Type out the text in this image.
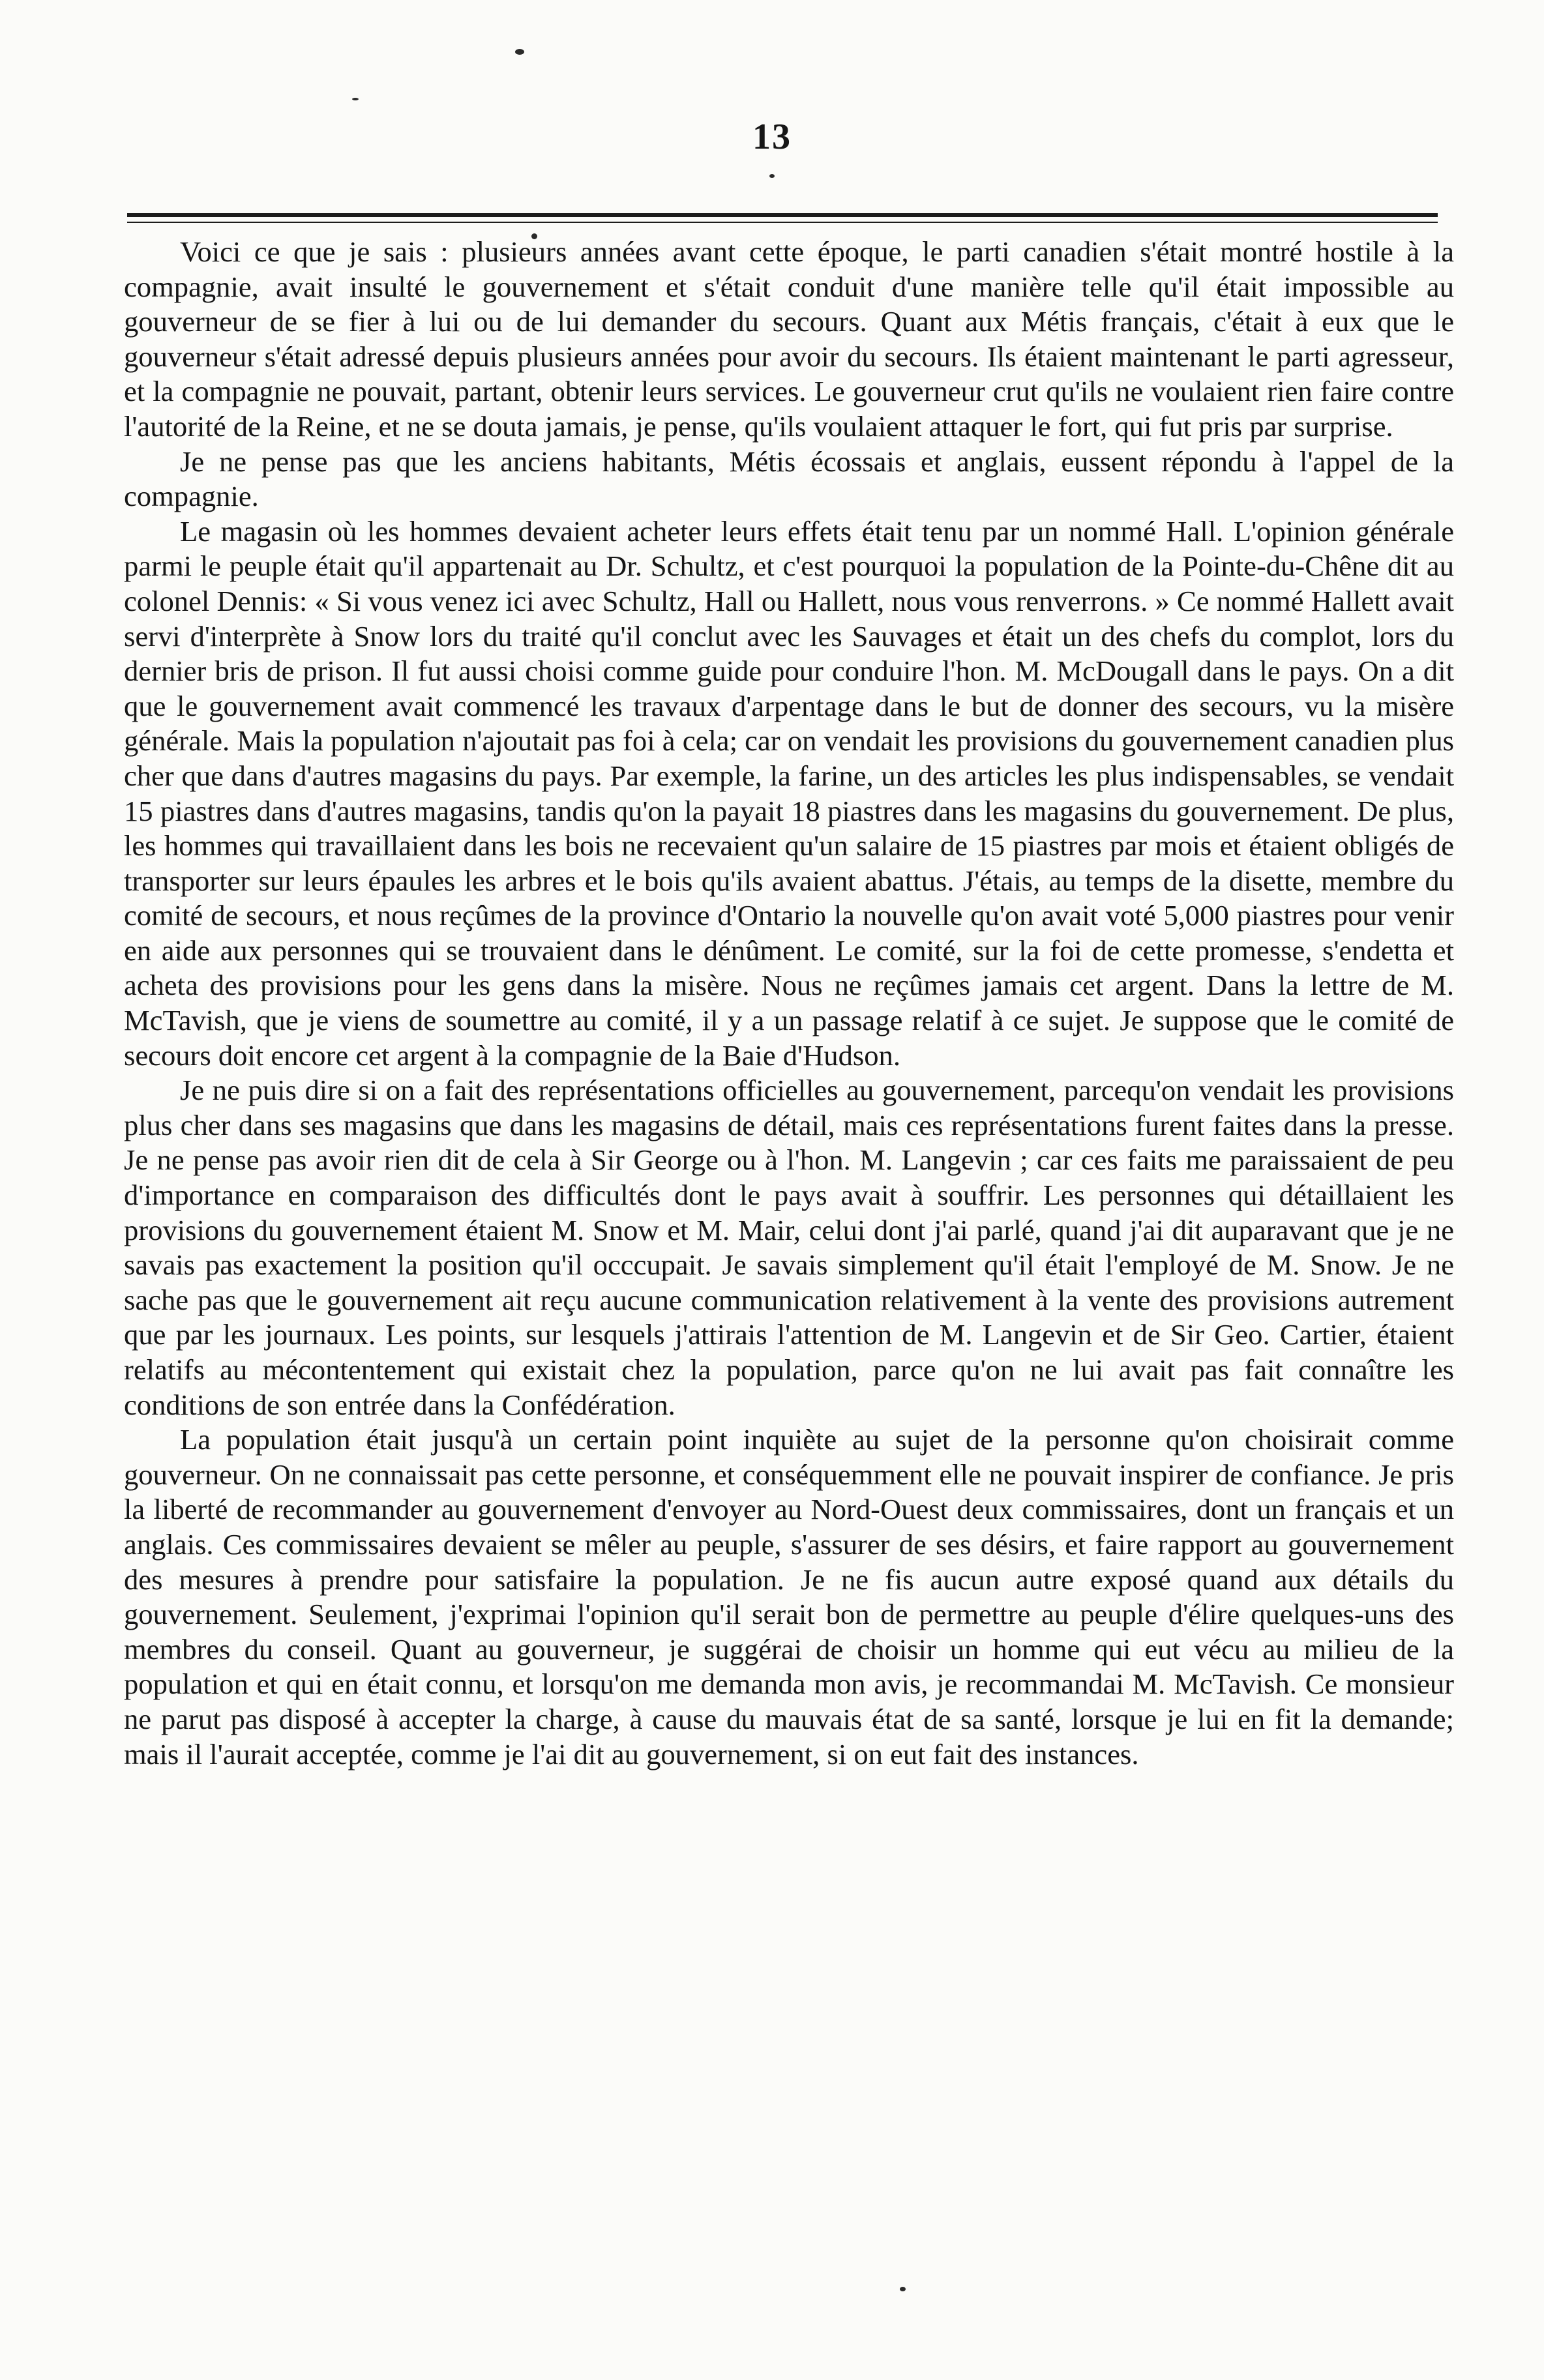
13

Voici ce que je sais : plusieurs années avant cette époque, le parti canadien s'était montré hostile à la compagnie, avait insulté le gouvernement et s'était conduit d'une manière telle qu'il était impossible au gouverneur de se fier à lui ou de lui demander du secours. Quant aux Métis français, c'était à eux que le gouverneur s'était adressé depuis plusieurs années pour avoir du secours. Ils étaient maintenant le parti agresseur, et la compagnie ne pouvait, partant, obtenir leurs services. Le gouverneur crut qu'ils ne voulaient rien faire contre l'autorité de la Reine, et ne se douta jamais, je pense, qu'ils voulaient attaquer le fort, qui fut pris par surprise.

Je ne pense pas que les anciens habitants, Métis écossais et anglais, eussent répondu à l'appel de la compagnie.

Le magasin où les hommes devaient acheter leurs effets était tenu par un nommé Hall. L'opinion générale parmi le peuple était qu'il appartenait au Dr. Schultz, et c'est pourquoi la population de la Pointe-du-Chêne dit au colonel Dennis: « Si vous venez ici avec Schultz, Hall ou Hallett, nous vous renverrons. » Ce nommé Hallett avait servi d'interprète à Snow lors du traité qu'il conclut avec les Sauvages et était un des chefs du complot, lors du dernier bris de prison. Il fut aussi choisi comme guide pour conduire l'hon. M. McDougall dans le pays. On a dit que le gouvernement avait commencé les travaux d'arpentage dans le but de donner des secours, vu la misère générale. Mais la population n'ajoutait pas foi à cela; car on vendait les provisions du gouvernement canadien plus cher que dans d'autres magasins du pays. Par exemple, la farine, un des articles les plus indispensables, se vendait 15 piastres dans d'autres magasins, tandis qu'on la payait 18 piastres dans les magasins du gouvernement. De plus, les hommes qui travaillaient dans les bois ne recevaient qu'un salaire de 15 piastres par mois et étaient obligés de transporter sur leurs épaules les arbres et le bois qu'ils avaient abattus. J'étais, au temps de la disette, membre du comité de secours, et nous reçûmes de la province d'Ontario la nouvelle qu'on avait voté 5,000 piastres pour venir en aide aux personnes qui se trouvaient dans le dénûment. Le comité, sur la foi de cette promesse, s'endetta et acheta des provisions pour les gens dans la misère. Nous ne reçûmes jamais cet argent. Dans la lettre de M. McTavish, que je viens de soumettre au comité, il y a un passage relatif à ce sujet. Je suppose que le comité de secours doit encore cet argent à la compagnie de la Baie d'Hudson.

Je ne puis dire si on a fait des représentations officielles au gouvernement, parcequ'on vendait les provisions plus cher dans ses magasins que dans les magasins de détail, mais ces représentations furent faites dans la presse. Je ne pense pas avoir rien dit de cela à Sir George ou à l'hon. M. Langevin ; car ces faits me paraissaient de peu d'importance en comparaison des difficultés dont le pays avait à souffrir. Les personnes qui détaillaient les provisions du gouvernement étaient M. Snow et M. Mair, celui dont j'ai parlé, quand j'ai dit auparavant que je ne savais pas exactement la position qu'il occcupait. Je savais simplement qu'il était l'employé de M. Snow. Je ne sache pas que le gouvernement ait reçu aucune communication relativement à la vente des provisions autrement que par les journaux. Les points, sur lesquels j'attirais l'attention de M. Langevin et de Sir Geo. Cartier, étaient relatifs au mécontentement qui existait chez la population, parce qu'on ne lui avait pas fait connaître les conditions de son entrée dans la Confédération.

La population était jusqu'à un certain point inquiète au sujet de la personne qu'on choisirait comme gouverneur. On ne connaissait pas cette personne, et conséquemment elle ne pouvait inspirer de confiance. Je pris la liberté de recommander au gouvernement d'envoyer au Nord-Ouest deux commissaires, dont un français et un anglais. Ces commissaires devaient se mêler au peuple, s'assurer de ses désirs, et faire rapport au gouvernement des mesures à prendre pour satisfaire la population. Je ne fis aucun autre exposé quand aux détails du gouvernement. Seulement, j'exprimai l'opinion qu'il serait bon de permettre au peuple d'élire quelques-uns des membres du conseil. Quant au gouverneur, je suggérai de choisir un homme qui eut vécu au milieu de la population et qui en était connu, et lorsqu'on me demanda mon avis, je recommandai M. McTavish. Ce monsieur ne parut pas disposé à accepter la charge, à cause du mauvais état de sa santé, lorsque je lui en fit la demande; mais il l'aurait acceptée, comme je l'ai dit au gouvernement, si on eut fait des instances.
